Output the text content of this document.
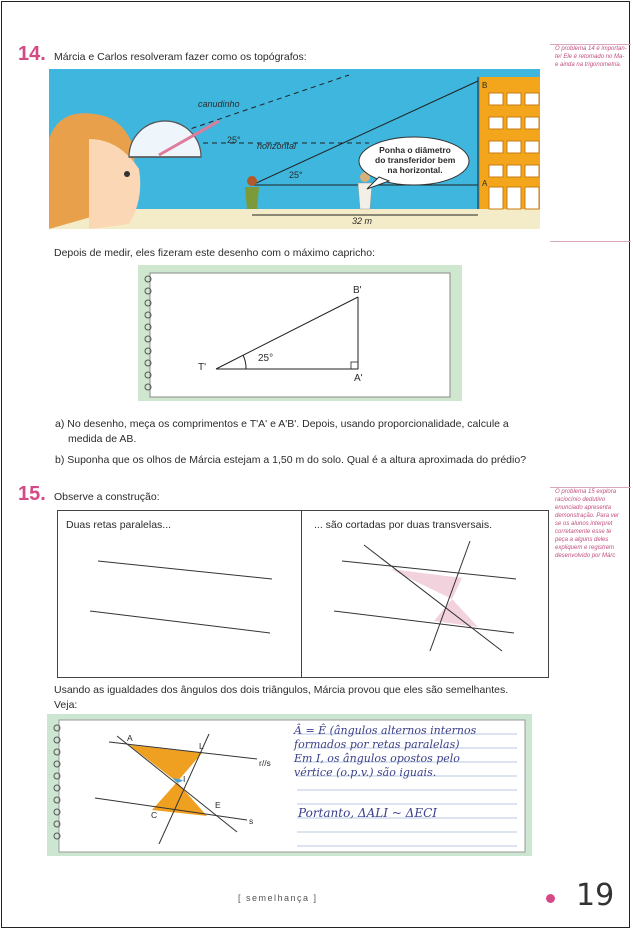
O problema 14 é importan-
te! Ele é retomado no Ma-
e ainda na trigonometria.
O problema 15 explora
raciocínio dedutivo
enunciado apresenta
demonstração. Para ver
se os alunos interpret
corretamente esse te
peça a alguns deles
expliquem e registrem
desenvolvido por Márc
14. Márcia e Carlos resolveram fazer como os topógrafos:
canudinho
horizontal
25°
25°
32 m
B
A
Ponha o diâmetro
do transferidor bem
na horizontal.
Depois de medir, eles fizeram este desenho com o máximo capricho:
T'
A'
B'
25°
a) No desenho, meça os comprimentos e T'A' e A'B'. Depois, usando proporcionalidade, calcule a
medida de AB.
b) Suponha que os olhos de Márcia estejam a 1,50 m do solo. Qual é a altura aproximada do prédio?
15. Observe a construção:
Duas retas paralelas...	... são cortadas por duas transversais.
Usando as igualdades dos ângulos dos dois triângulos, Márcia provou que eles são semelhantes.
Veja:
A
L
I
C
E
r//s
s
Â = Ê (ângulos alternos internos
formados por retas paralelas)
Em I, os ângulos opostos pelo
vértice (o.p.v.) são iguais.
Portanto, ΔALI ~ ΔECI
[ semelhança ]	19
